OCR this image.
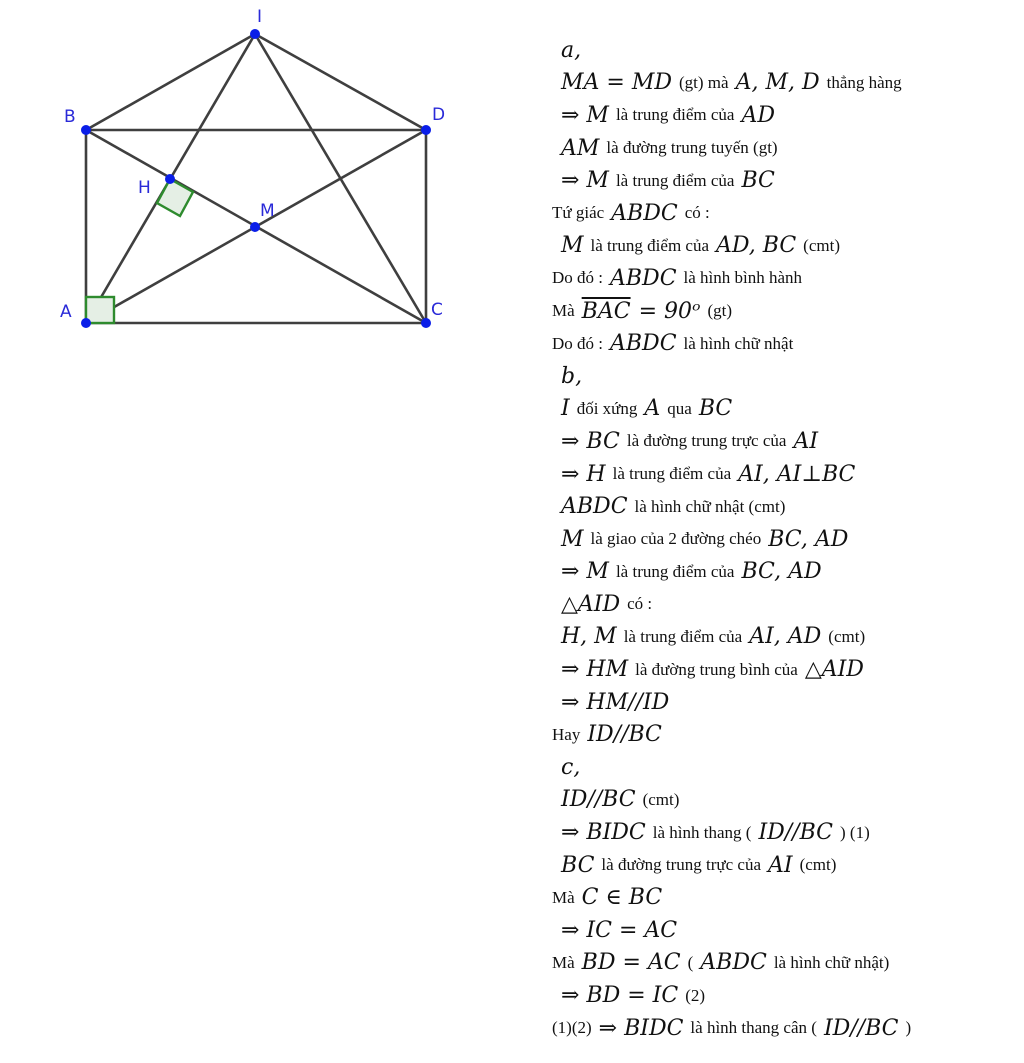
I
B	D
H
M
A	C
a,
MA = MD (gt) mà A, M, D thẳng hàng
⇒ M là trung điểm của AD
AM là đường trung tuyến (gt)
⇒ M là trung điểm của BC
Tứ giác ABDC có :
M là trung điểm của AD, BC (cmt)
Do đó : ABDC là hình bình hành
Mà $\overline{BAC}$ = 90ᵒ (gt)
Do đó : ABDC là hình chữ nhật
b,
I đối xứng A qua BC
⇒ BC là đường trung trực của AI
⇒ H là trung điểm của AI, AI⊥BC
ABDC là hình chữ nhật (cmt)
M là giao của 2 đường chéo BC, AD
⇒ M là trung điểm của BC, AD
△AID có :
H, M là trung điểm của AI, AD (cmt)
⇒ HM là đường trung bình của △AID
⇒ HM//ID
Hay ID//BC
c,
ID//BC (cmt)
⇒ BIDC là hình thang ( ID//BC ) (1)
BC là đường trung trực của AI (cmt)
Mà C ∈ BC
⇒ IC = AC
Mà BD = AC ( ABDC là hình chữ nhật)
⇒ BD = IC (2)
(1)(2) ⇒ BIDC là hình thang cân ( ID//BC )
